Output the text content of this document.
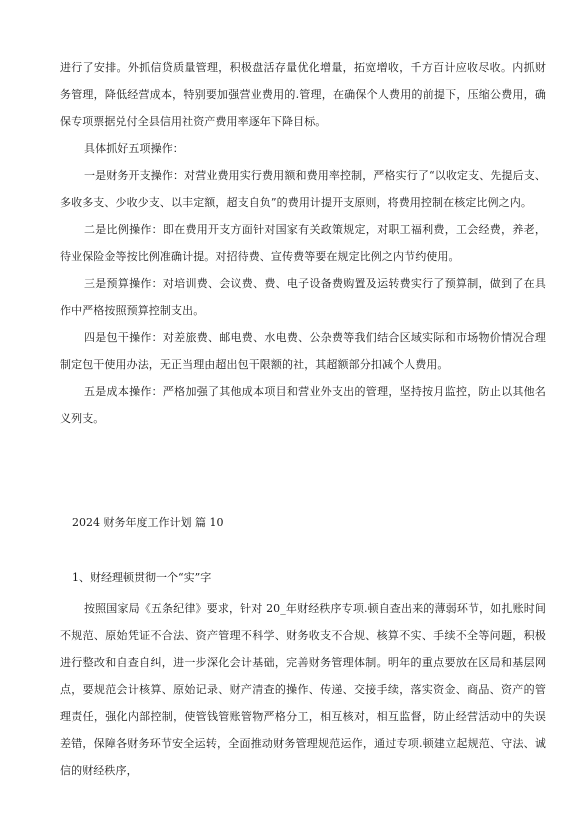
进行了安排。外抓信贷质量管理，积极盘活存量优化增量，拓宽增收，千方百计应收尽收。内抓财务管理，降低经营成本，特别要加强营业费用的.管理，在确保个人费用的前提下，压缩公费用，确保专项票据兑付全县信用社资产费用率逐年下降目标。

具体抓好五项操作：

一是财务开支操作：对营业费用实行费用额和费用率控制，严格实行了“以收定支、先提后支、多收多支、少收少支、以丰定额，超支自负”的费用计提开支原则，将费用控制在核定比例之内。

二是比例操作：即在费用开支方面针对国家有关政策规定，对职工福利费，工会经费，养老，待业保险金等按比例准确计提。对招待费、宣传费等要在规定比例之内节约使用。

三是预算操作：对培训费、会议费、费、电子设备费购置及运转费实行了预算制，做到了在具作中严格按照预算控制支出。

四是包干操作：对差旅费、邮电费、水电费、公杂费等我们结合区域实际和市场物价情况合理制定包干使用办法，无正当理由超出包干限额的社，其超额部分扣减个人费用。

五是成本操作：严格加强了其他成本项目和营业外支出的管理，坚持按月监控，防止以其他名义列支。

2024 财务年度工作计划 篇 10
1、财经理顿贯彻一个“实”字

按照国家局《五条纪律》要求，针对 20_年财经秩序专项.顿自查出来的薄弱环节，如扎账时间不规范、原始凭证不合法、资产管理不科学、财务收支不合规、核算不实、手续不全等问题，积极进行整改和自查自纠，进一步深化会计基础，完善财务管理体制。明年的重点要放在区局和基层网点，要规范会计核算、原始记录、财产清查的操作、传递、交接手续，落实资金、商品、资产的管理责任，强化内部控制，使管钱管账管物严格分工，相互核对，相互监督，防止经营活动中的失误差错，保障各财务环节安全运转，全面推动财务管理规范运作，通过专项.顿建立起规范、守法、诚信的财经秩序，
